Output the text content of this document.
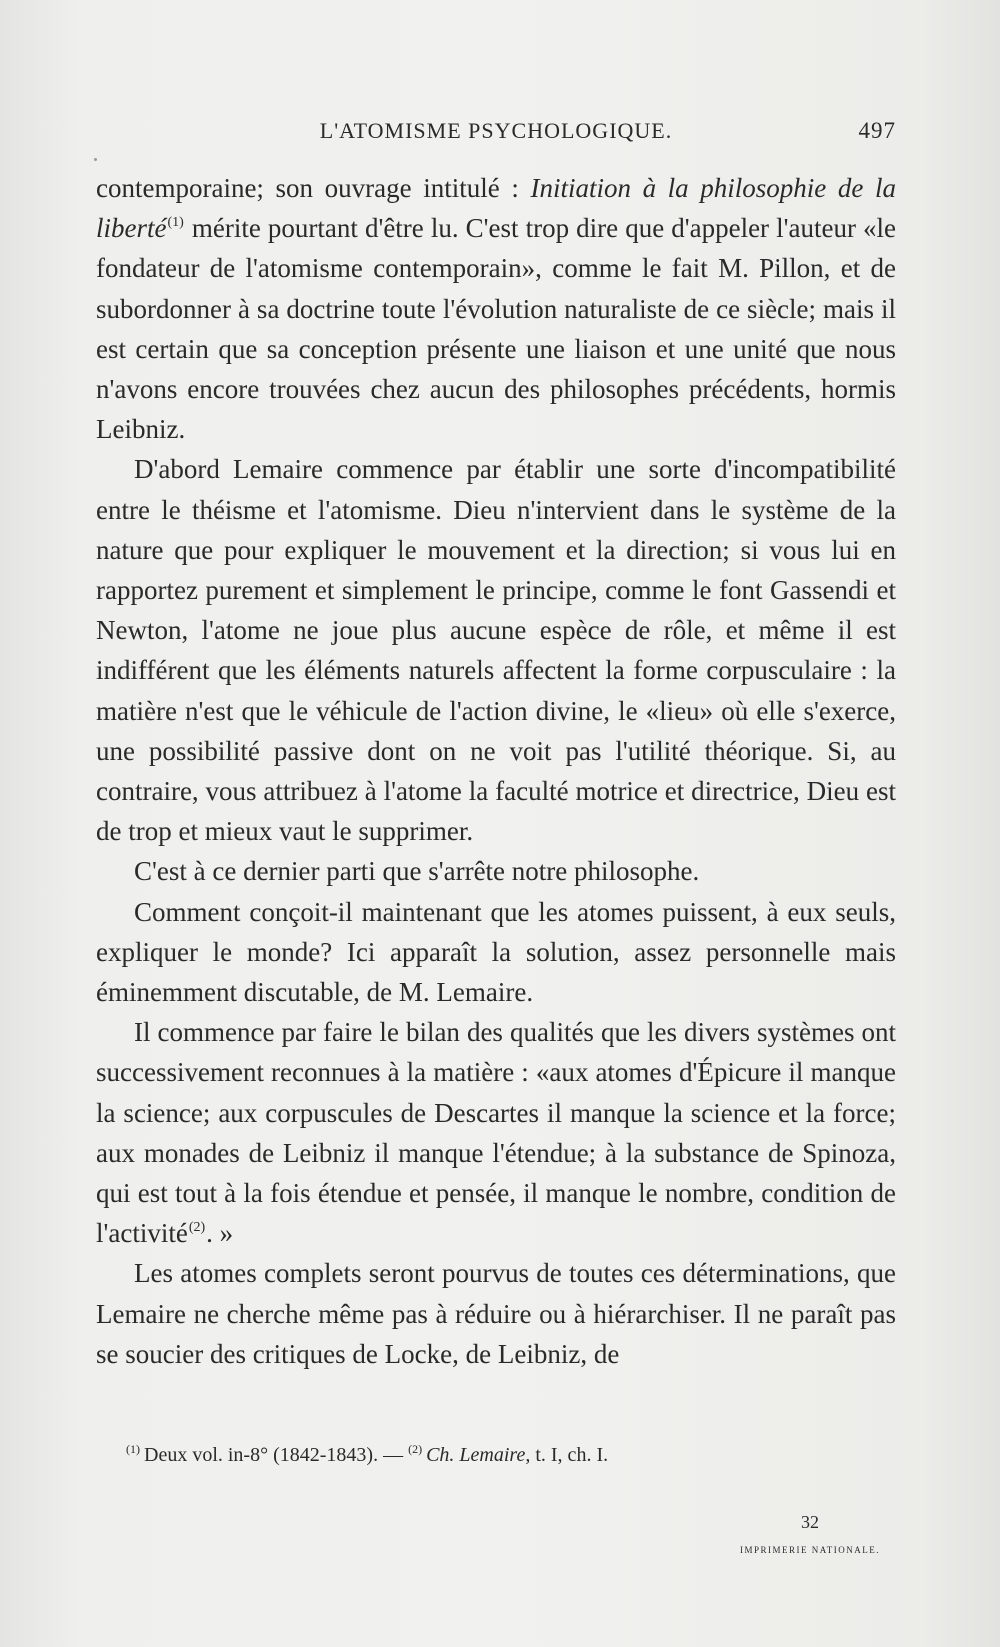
L'ATOMISME PSYCHOLOGIQUE.	497

contemporaine; son ouvrage intitulé : Initiation à la philosophie de la liberté$^{(1)}$ mérite pourtant d'être lu. C'est trop dire que d'appeler l'auteur «le fondateur de l'atomisme contemporain», comme le fait M. Pillon, et de subordonner à sa doctrine toute l'évolution naturaliste de ce siècle; mais il est certain que sa conception présente une liaison et une unité que nous n'avons encore trouvées chez aucun des philosophes précédents, hormis Leibniz.

D'abord Lemaire commence par établir une sorte d'incompatibilité entre le théisme et l'atomisme. Dieu n'intervient dans le système de la nature que pour expliquer le mouvement et la direction; si vous lui en rapportez purement et simplement le principe, comme le font Gassendi et Newton, l'atome ne joue plus aucune espèce de rôle, et même il est indifférent que les éléments naturels affectent la forme corpusculaire : la matière n'est que le véhicule de l'action divine, le «lieu» où elle s'exerce, une possibilité passive dont on ne voit pas l'utilité théorique. Si, au contraire, vous attribuez à l'atome la faculté motrice et directrice, Dieu est de trop et mieux vaut le supprimer.

C'est à ce dernier parti que s'arrête notre philosophe.

Comment conçoit-il maintenant que les atomes puissent, à eux seuls, expliquer le monde? Ici apparaît la solution, assez personnelle mais éminemment discutable, de M. Lemaire.

Il commence par faire le bilan des qualités que les divers systèmes ont successivement reconnues à la matière : «aux atomes d'Épicure il manque la science; aux corpuscules de Descartes il manque la science et la force; aux monades de Leibniz il manque l'étendue; à la substance de Spinoza, qui est tout à la fois étendue et pensée, il manque le nombre, condition de l'activité$^{(2)}$. »

Les atomes complets seront pourvus de toutes ces déterminations, que Lemaire ne cherche même pas à réduire ou à hiérarchiser. Il ne paraît pas se soucier des critiques de Locke, de Leibniz, de

$^{(1)}$ Deux vol. in-8° (1842-1843). — $^{(2)}$ Ch. Lemaire, t. I, ch. I.
32
IMPRIMERIE NATIONALE.
